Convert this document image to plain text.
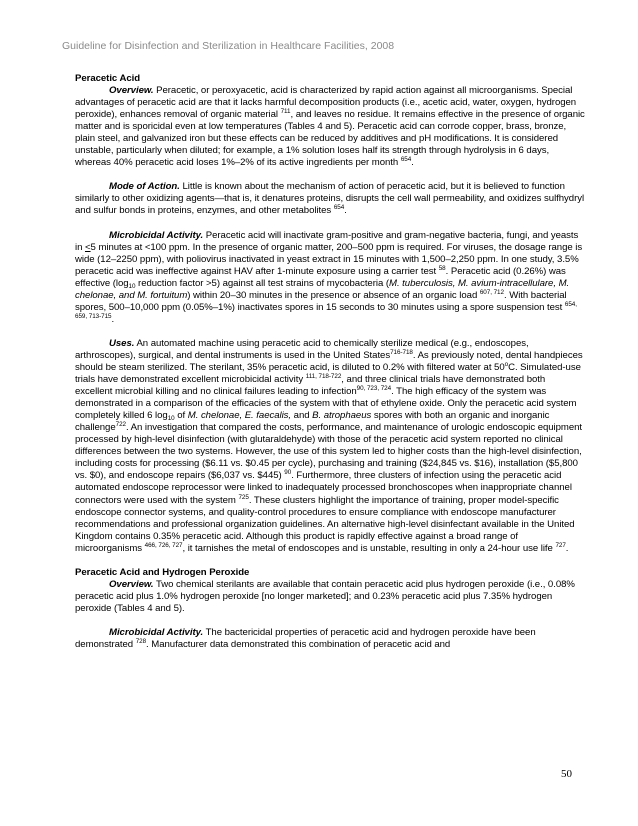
Guideline for Disinfection and Sterilization in Healthcare Facilities, 2008

Peracetic Acid

Overview. Peracetic, or peroxyacetic, acid is characterized by rapid action against all microorganisms. Special advantages of peracetic acid are that it lacks harmful decomposition products (i.e., acetic acid, water, oxygen, hydrogen peroxide), enhances removal of organic material $^{711}$, and leaves no residue. It remains effective in the presence of organic matter and is sporicidal even at low temperatures (Tables 4 and 5). Peracetic acid can corrode copper, brass, bronze, plain steel, and galvanized iron but these effects can be reduced by additives and pH modifications. It is considered unstable, particularly when diluted; for example, a 1% solution loses half its strength through hydrolysis in 6 days, whereas 40% peracetic acid loses 1%–2% of its active ingredients per month $^{654}$.

Mode of Action. Little is known about the mechanism of action of peracetic acid, but it is believed to function similarly to other oxidizing agents—that is, it denatures proteins, disrupts the cell wall permeability, and oxidizes sulfhydryl and sulfur bonds in proteins, enzymes, and other metabolites $^{654}$.

Microbicidal Activity. Peracetic acid will inactivate gram-positive and gram-negative bacteria, fungi, and yeasts in ≤5 minutes at <100 ppm. In the presence of organic matter, 200–500 ppm is required. For viruses, the dosage range is wide (12–2250 ppm), with poliovirus inactivated in yeast extract in 15 minutes with 1,500–2,250 ppm. In one study, 3.5% peracetic acid was ineffective against HAV after 1-minute exposure using a carrier test $^{58}$. Peracetic acid (0.26%) was effective ($\log_{10}$ reduction factor >5) against all test strains of mycobacteria (M. tuberculosis, M. avium-intracellulare, M. chelonae, and M. fortuitum) within 20–30 minutes in the presence or absence of an organic load $^{607, 712}$. With bacterial spores, 500–10,000 ppm (0.05%–1%) inactivates spores in 15 seconds to 30 minutes using a spore suspension test $^{654, 659, 713-715}$.

Uses. An automated machine using peracetic acid to chemically sterilize medical (e.g., endoscopes, arthroscopes), surgical, and dental instruments is used in the United States$^{716-718}$. As previously noted, dental handpieces should be steam sterilized. The sterilant, 35% peracetic acid, is diluted to 0.2% with filtered water at 50$^o$C. Simulated-use trials have demonstrated excellent microbicidal activity $^{111, 718-722}$, and three clinical trials have demonstrated both excellent microbial killing and no clinical failures leading to infection$^{90, 723, 724}$. The high efficacy of the system was demonstrated in a comparison of the efficacies of the system with that of ethylene oxide. Only the peracetic acid system completely killed 6 $\log_{10}$ of M. chelonae, E. faecalis, and B. atrophaeus spores with both an organic and inorganic challenge$^{722}$. An investigation that compared the costs, performance, and maintenance of urologic endoscopic equipment processed by high-level disinfection (with glutaraldehyde) with those of the peracetic acid system reported no clinical differences between the two systems. However, the use of this system led to higher costs than the high-level disinfection, including costs for processing ($6.11 vs. $0.45 per cycle), purchasing and training ($24,845 vs. $16), installation ($5,800 vs. $0), and endoscope repairs ($6,037 vs. $445) $^{90}$. Furthermore, three clusters of infection using the peracetic acid automated endoscope reprocessor were linked to inadequately processed bronchoscopes when inappropriate channel connectors were used with the system $^{725}$. These clusters highlight the importance of training, proper model-specific endoscope connector systems, and quality-control procedures to ensure compliance with endoscope manufacturer recommendations and professional organization guidelines. An alternative high-level disinfectant available in the United Kingdom contains 0.35% peracetic acid. Although this product is rapidly effective against a broad range of microorganisms $^{466, 726, 727}$, it tarnishes the metal of endoscopes and is unstable, resulting in only a 24-hour use life $^{727}$.

Peracetic Acid and Hydrogen Peroxide

Overview. Two chemical sterilants are available that contain peracetic acid plus hydrogen peroxide (i.e., 0.08% peracetic acid plus 1.0% hydrogen peroxide [no longer marketed]; and 0.23% peracetic acid plus 7.35% hydrogen peroxide (Tables 4 and 5).

Microbicidal Activity. The bactericidal properties of peracetic acid and hydrogen peroxide have been demonstrated $^{728}$. Manufacturer data demonstrated this combination of peracetic acid and

50
